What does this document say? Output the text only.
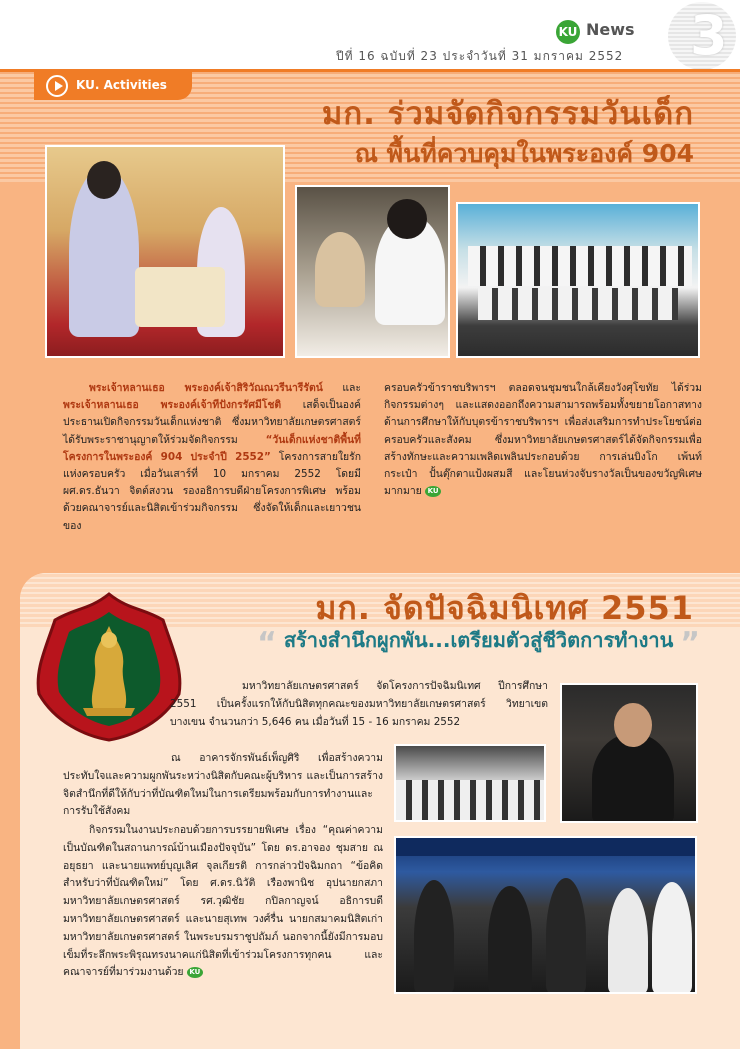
KU News
ปีที่ 16 ฉบับที่ 23 ประจำวันที่ 31 มกราคม 2552 3
KU. Activities
มก. ร่วมจัดกิจกรรมวันเด็ก
ณ พื้นที่ควบคุมในพระองค์ 904
พระเจ้าหลานเธอ พระองค์เจ้าสิริวัณณวรีนารีรัตน์ และ พระเจ้าหลานเธอ พระองค์เจ้าทีปังกรรัศมีโชติ เสด็จเป็นองค์ประธานเปิดกิจกรรมวันเด็กแห่งชาติ ซึ่งมหาวิทยาลัยเกษตรศาสตร์ ได้รับพระราชานุญาตให้ร่วมจัดกิจกรรม “วันเด็กแห่งชาติพื้นที่โครงการในพระองค์ 904 ประจำปี 2552” โครงการสายใยรักแห่งครอบครัว เมื่อวันเสาร์ที่ 10 มกราคม 2552 โดยมี ผศ.ดร.ธันวา จิตต์สงวน รองอธิการบดีฝ่ายโครงการพิเศษ พร้อมด้วยคณาจารย์และนิสิตเข้าร่วมกิจกรรม ซึ่งจัดให้เด็กและเยาวชนของ
ครอบครัวข้าราชบริพารฯ ตลอดจนชุมชนใกล้เคียงวังศุโขทัย ได้ร่วมกิจกรรมต่างๆ และแสดงออกถึงความสามารถพร้อมทั้งขยายโอกาสทางด้านการศึกษาให้กับบุตรข้าราชบริพารฯ เพื่อส่งเสริมการทำประโยชน์ต่อครอบครัวและสังคม ซึ่งมหาวิทยาลัยเกษตรศาสตร์ได้จัดกิจกรรมเพื่อสร้างทักษะและความเพลิดเพลินประกอบด้วย การเล่นบิงโก เพ้นท์กระเป๋า ปั้นตุ๊กตาแป้งผสมสี และโยนห่วงจับรางวัลเป็นของขวัญพิเศษมากมาย KU
มก. จัดปัจฉิมนิเทศ 2551
“ สร้างสำนึกผูกพัน...เตรียมตัวสู่ชีวิตการทำงาน ”
มหาวิทยาลัยเกษตรศาสตร์ จัดโครงการปัจฉิมนิเทศ ปีการศึกษา 2551 เป็นครั้งแรกให้กับนิสิตทุกคณะของมหาวิทยาลัยเกษตรศาสตร์ วิทยาเขตบางเขน จำนวนกว่า 5,646 คน เมื่อวันที่ 15 - 16 มกราคม 2552
ณ อาคารจักรพันธ์เพ็ญศิริ เพื่อสร้างความประทับใจและความผูกพันระหว่างนิสิตกับคณะผู้บริหาร และเป็นการสร้างจิตสำนึกที่ดีให้กับว่าที่บัณฑิตใหม่ในการเตรียมพร้อมกับการทำงานและการรับใช้สังคม
กิจกรรมในงานประกอบด้วยการบรรยายพิเศษ เรื่อง “คุณค่าความเป็นบัณฑิตในสถานการณ์บ้านเมืองปัจจุบัน” โดย ดร.อาจอง ชุมสาย ณ อยุธยา และนายแพทย์บุญเลิศ จุลเกียรติ การกล่าวปัจฉิมกถา “ข้อคิดสำหรับว่าที่บัณฑิตใหม่” โดย ศ.ดร.นิวัติ เรืองพานิช อุปนายกสภามหาวิทยาลัยเกษตรศาสตร์ รศ.วุฒิชัย กปิลกาญจน์ อธิการบดีมหาวิทยาลัยเกษตรศาสตร์ และนายสุเทพ วงศ์รื่น นายกสมาคมนิสิตเก่ามหาวิทยาลัยเกษตรศาสตร์ ในพระบรมราชูปถัมภ์ นอกจากนี้ยังมีการมอบเข็มที่ระลึกพระพิรุณทรงนาคแก่นิสิตที่เข้าร่วมโครงการทุกคน และคณาจารย์ที่มาร่วมงานด้วย KU
